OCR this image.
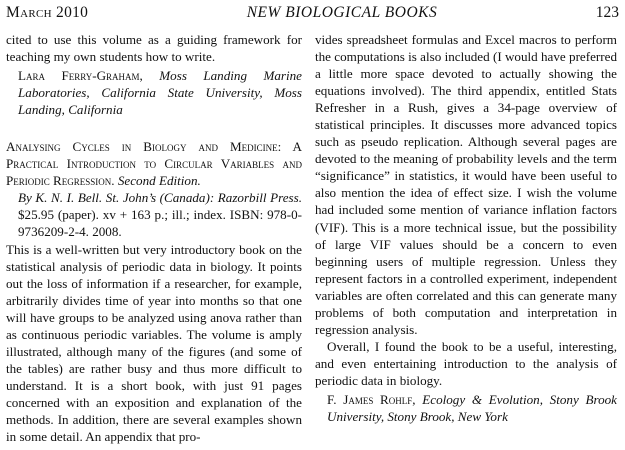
March 2010	NEW BIOLOGICAL BOOKS	123

cited to use this volume as a guiding framework for teaching my own students how to write.

Lara Ferry-Graham, Moss Landing Marine Laboratories, California State University, Moss Landing, California

Analysing Cycles in Biology and Medicine: A Practical Introduction to Circular Variables and Periodic Regression. Second Edition.

By K. N. I. Bell. St. John’s (Canada): Razorbill Press. $25.95 (paper). xv + 163 p.; ill.; index. ISBN: 978-0-9736209-2-4. 2008.

This is a well-written but very introductory book on the statistical analysis of periodic data in biology. It points out the loss of information if a researcher, for example, arbitrarily divides time of year into months so that one will have groups to be analyzed using anova rather than as continuous periodic variables. The volume is amply illustrated, although many of the figures (and some of the tables) are rather busy and thus more difficult to understand. It is a short book, with just 91 pages concerned with an exposition and explanation of the methods. In addition, there are several examples shown in some detail. An appendix that pro-

vides spreadsheet formulas and Excel macros to perform the computations is also included (I would have preferred a little more space devoted to actually showing the equations involved). The third appendix, entitled Stats Refresher in a Rush, gives a 34-page overview of statistical principles. It discusses more advanced topics such as pseudo replication. Although several pages are devoted to the meaning of probability levels and the term “significance” in statistics, it would have been useful to also mention the idea of effect size. I wish the volume had included some mention of variance inflation factors (VIF). This is a more technical issue, but the possibility of large VIF values should be a concern to even beginning users of multiple regression. Unless they represent factors in a controlled experiment, independent variables are often correlated and this can generate many problems of both computation and interpretation in regression analysis.

Overall, I found the book to be a useful, interesting, and even entertaining introduction to the analysis of periodic data in biology.

F. James Rohlf, Ecology & Evolution, Stony Brook University, Stony Brook, New York
